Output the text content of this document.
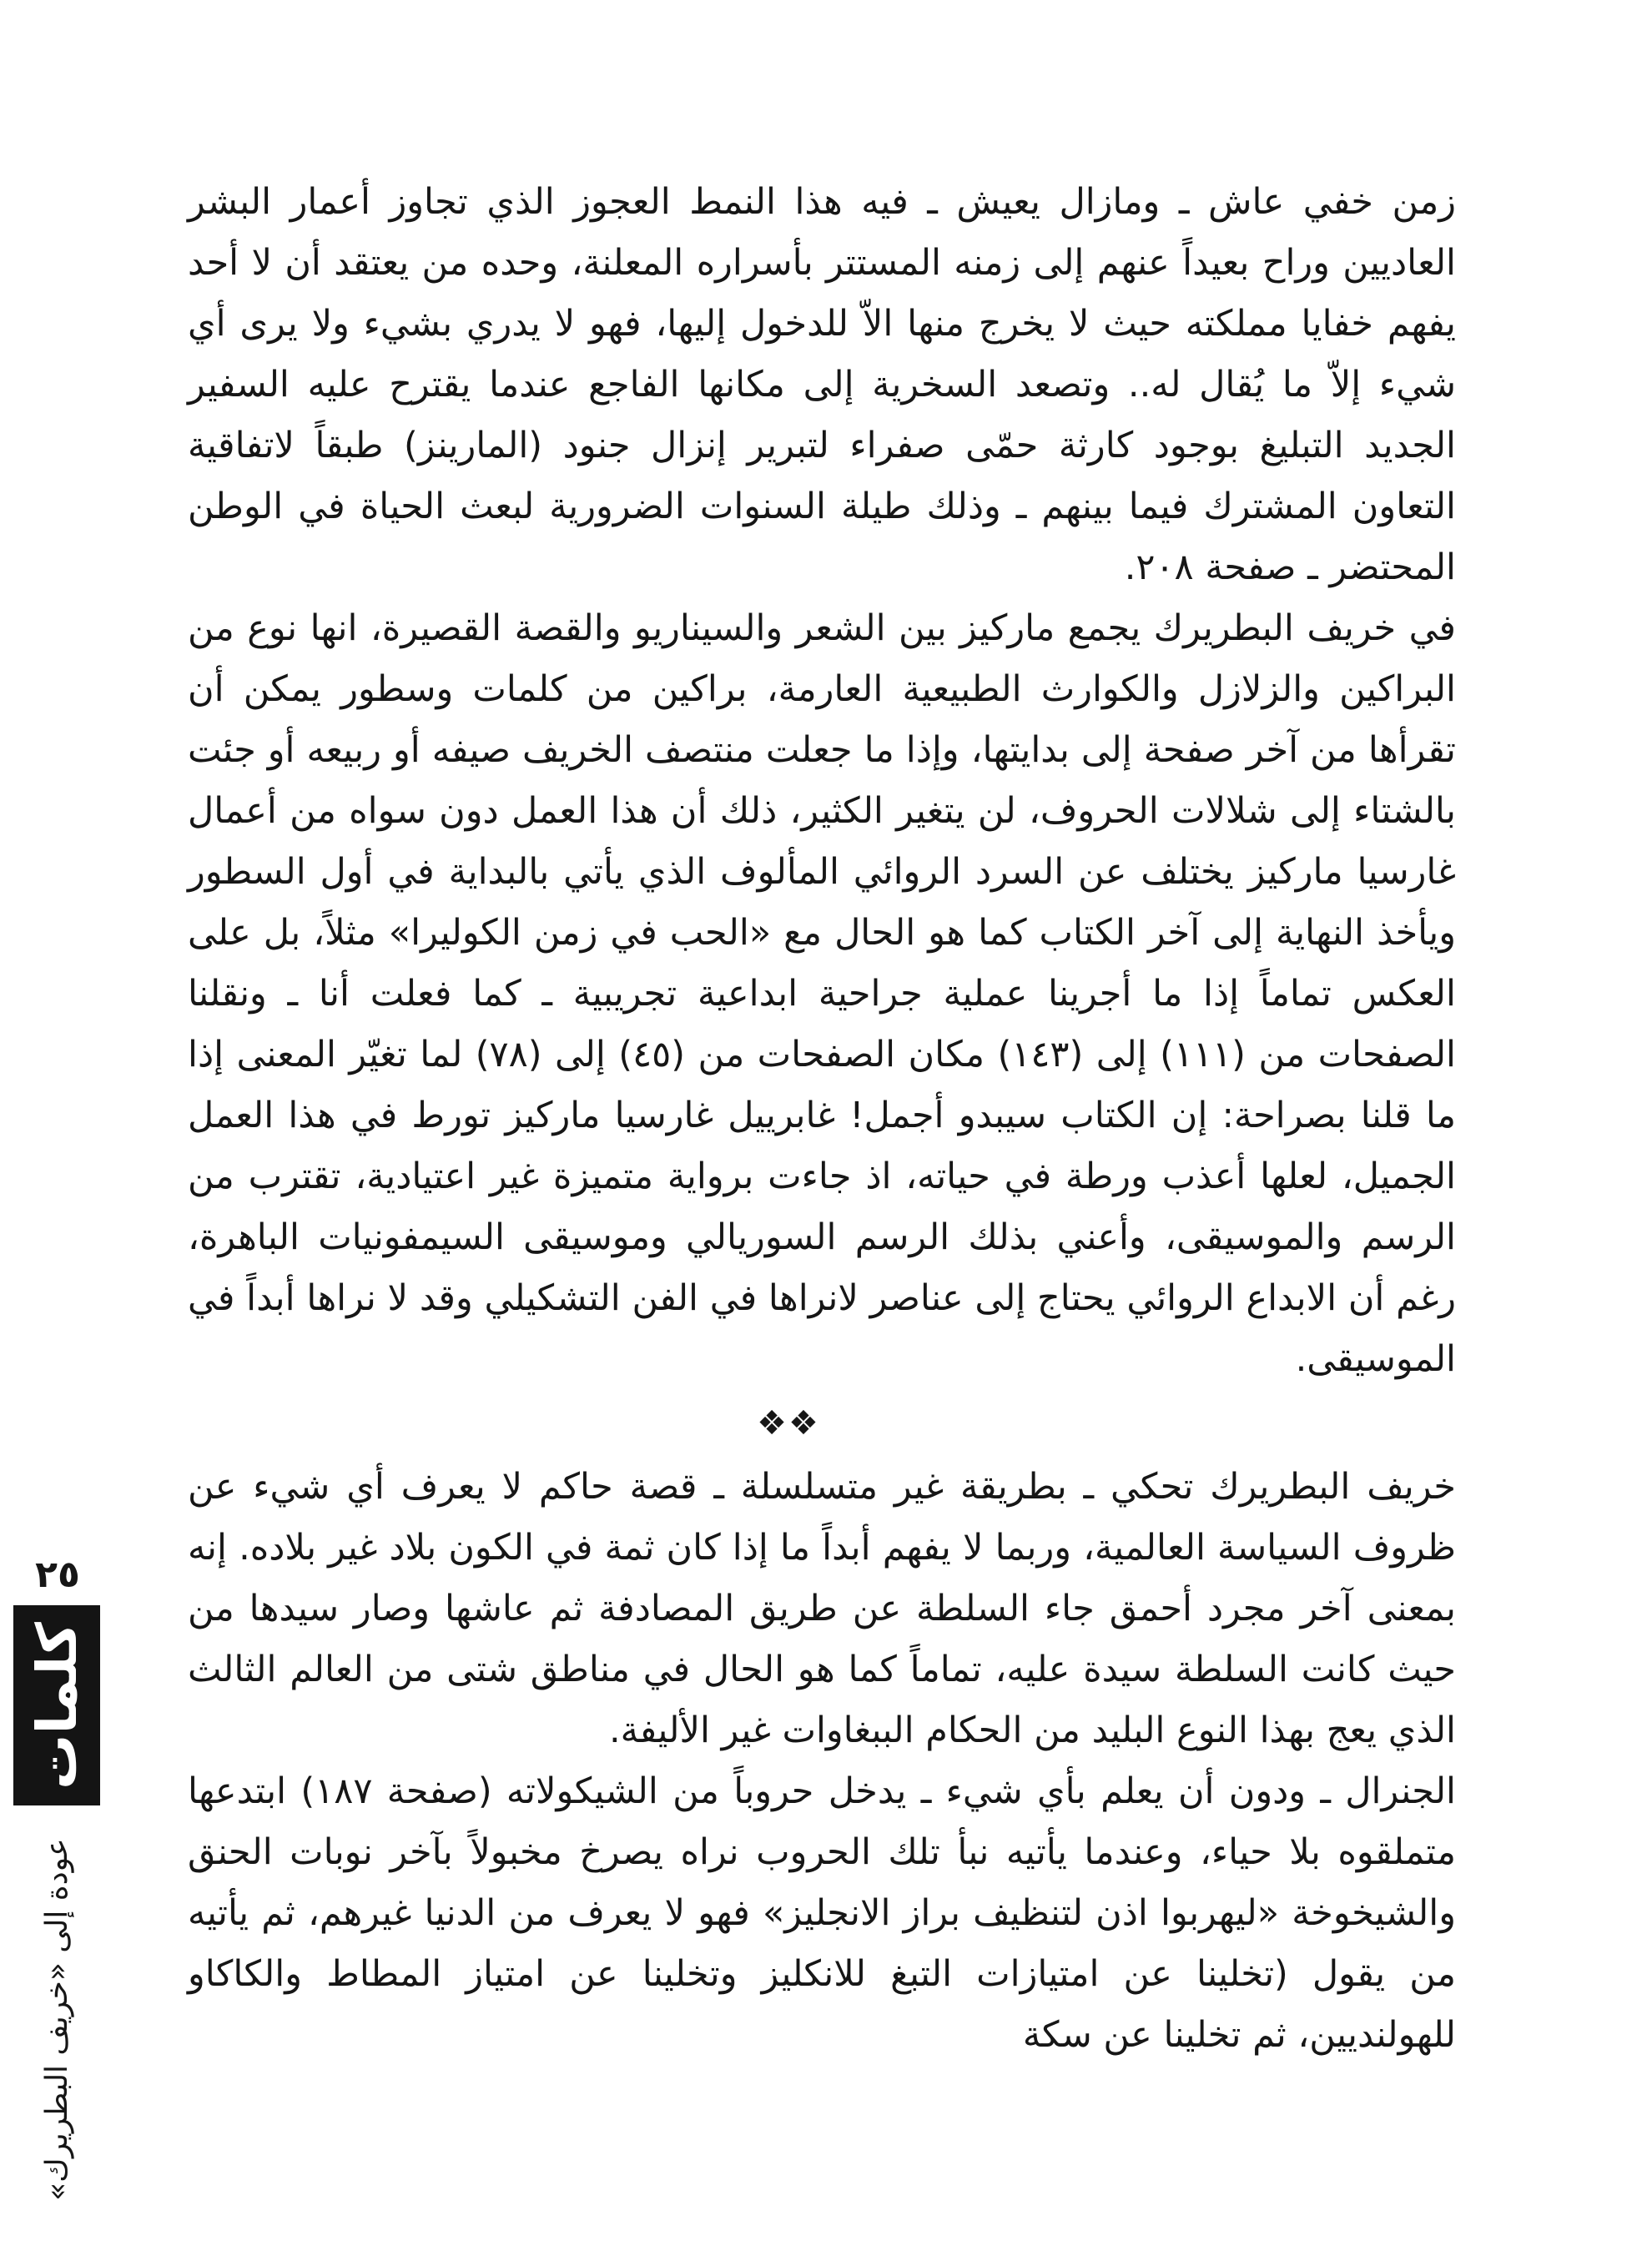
زمن خفي عاش ـ ومازال يعيش ـ فيه هذا النمط العجوز الذي تجاوز أعمار البشر العاديين وراح بعيداً عنهم إلى زمنه المستتر بأسراره المعلنة، وحده من يعتقد أن لا أحد يفهم خفايا مملكته حيث لا يخرج منها الاّ للدخول إليها، فهو لا يدري بشيء ولا يرى أي شيء إلاّ ما يُقال له.. وتصعد السخرية إلى مكانها الفاجع عندما يقترح عليه السفير الجديد التبليغ بوجود كارثة حمّى صفراء لتبرير إنزال جنود (المارينز) طبقاً لاتفاقية التعاون المشترك فيما بينهم ـ وذلك طيلة السنوات الضرورية لبعث الحياة في الوطن المحتضر ـ صفحة ٢٠٨.

في خريف البطريرك يجمع ماركيز بين الشعر والسيناريو والقصة القصيرة، انها نوع من البراكين والزلازل والكوارث الطبيعية العارمة، براكين من كلمات وسطور يمكن أن تقرأها من آخر صفحة إلى بدايتها، وإذا ما جعلت منتصف الخريف صيفه أو ربيعه أو جئت بالشتاء إلى شلالات الحروف، لن يتغير الكثير، ذلك أن هذا العمل دون سواه من أعمال غارسيا ماركيز يختلف عن السرد الروائي المألوف الذي يأتي بالبداية في أول السطور ويأخذ النهاية إلى آخر الكتاب كما هو الحال مع «الحب في زمن الكوليرا» مثلاً، بل على العكس تماماً إذا ما أجرينا عملية جراحية ابداعية تجريبية ـ كما فعلت أنا ـ ونقلنا الصفحات من (١١١) إلى (١٤٣) مكان الصفحات من (٤٥) إلى (٧٨) لما تغيّر المعنى إذا ما قلنا بصراحة: إن الكتاب سيبدو أجمل! غابرييل غارسيا ماركيز تورط في هذا العمل الجميل، لعلها أعذب ورطة في حياته، اذ جاءت برواية متميزة غير اعتيادية، تقترب من الرسم والموسيقى، وأعني بذلك الرسم السوريالي وموسيقى السيمفونيات الباهرة، رغم أن الابداع الروائي يحتاج إلى عناصر لانراها في الفن التشكيلي وقد لا نراها أبداً في الموسيقى.

❖❖

خريف البطريرك تحكي ـ بطريقة غير متسلسلة ـ قصة حاكم لا يعرف أي شيء عن ظروف السياسة العالمية، وربما لا يفهم أبداً ما إذا كان ثمة في الكون بلاد غير بلاده. إنه بمعنى آخر مجرد أحمق جاء السلطة عن طريق المصادفة ثم عاشها وصار سيدها من حيث كانت السلطة سيدة عليه، تماماً كما هو الحال في مناطق شتى من العالم الثالث الذي يعج بهذا النوع البليد من الحكام الببغاوات غير الأليفة.

الجنرال ـ ودون أن يعلم بأي شيء ـ يدخل حروباً من الشيكولاته (صفحة ١٨٧) ابتدعها متملقوه بلا حياء، وعندما يأتيه نبأ تلك الحروب نراه يصرخ مخبولاً بآخر نوبات الحنق والشيخوخة «ليهربوا اذن لتنظيف براز الانجليز» فهو لا يعرف من الدنيا غيرهم، ثم يأتيه من يقول (تخلينا عن امتيازات التبغ للانكليز وتخلينا عن امتياز المطاط والكاكاو للهولنديين، ثم تخلينا عن سكة

٢٥
كلمات
عودة إلى «خريف البطريرك»
